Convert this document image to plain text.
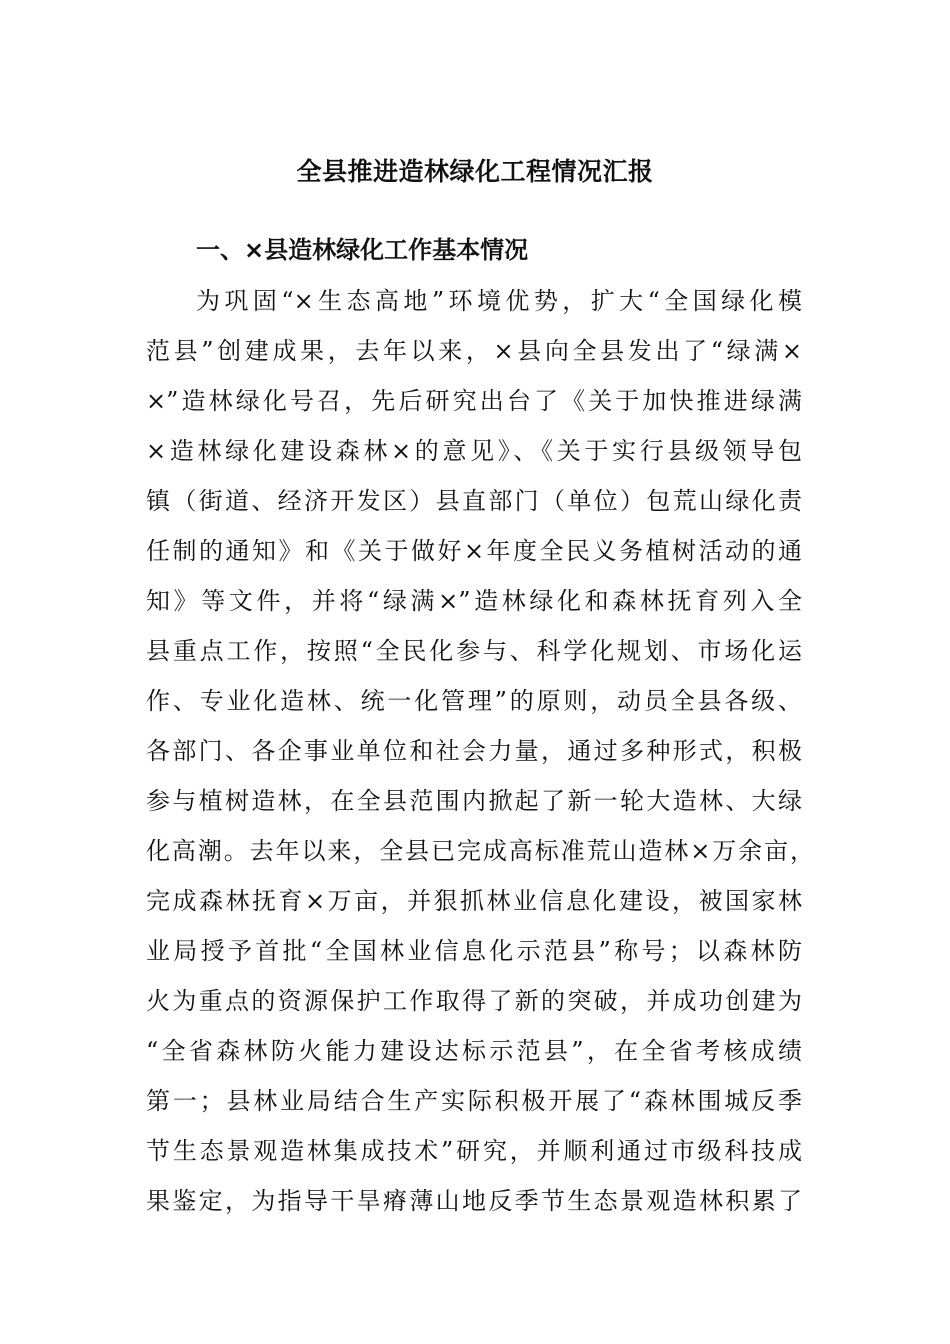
全县推进造林绿化工程情况汇报
一、×县造林绿化工作基本情况
为巩固“×生态高地”环境优势，扩大“全国绿化模
范县”创建成果，去年以来，×县向全县发出了“绿满×
×”造林绿化号召，先后研究出台了《关于加快推进绿满
×造林绿化建设森林×的意见》、《关于实行县级领导包
镇（街道、经济开发区）县直部门（单位）包荒山绿化责
任制的通知》和《关于做好×年度全民义务植树活动的通
知》等文件，并将“绿满×”造林绿化和森林抚育列入全
县重点工作，按照“全民化参与、科学化规划、市场化运
作、专业化造林、统一化管理”的原则，动员全县各级、
各部门、各企事业单位和社会力量，通过多种形式，积极
参与植树造林，在全县范围内掀起了新一轮大造林、大绿
化高潮。去年以来，全县已完成高标准荒山造林×万余亩，
完成森林抚育×万亩，并狠抓林业信息化建设，被国家林
业局授予首批“全国林业信息化示范县”称号；以森林防
火为重点的资源保护工作取得了新的突破，并成功创建为
“全省森林防火能力建设达标示范县”，在全省考核成绩
第一；县林业局结合生产实际积极开展了“森林围城反季
节生态景观造林集成技术”研究，并顺利通过市级科技成
果鉴定，为指导干旱瘠薄山地反季节生态景观造林积累了
